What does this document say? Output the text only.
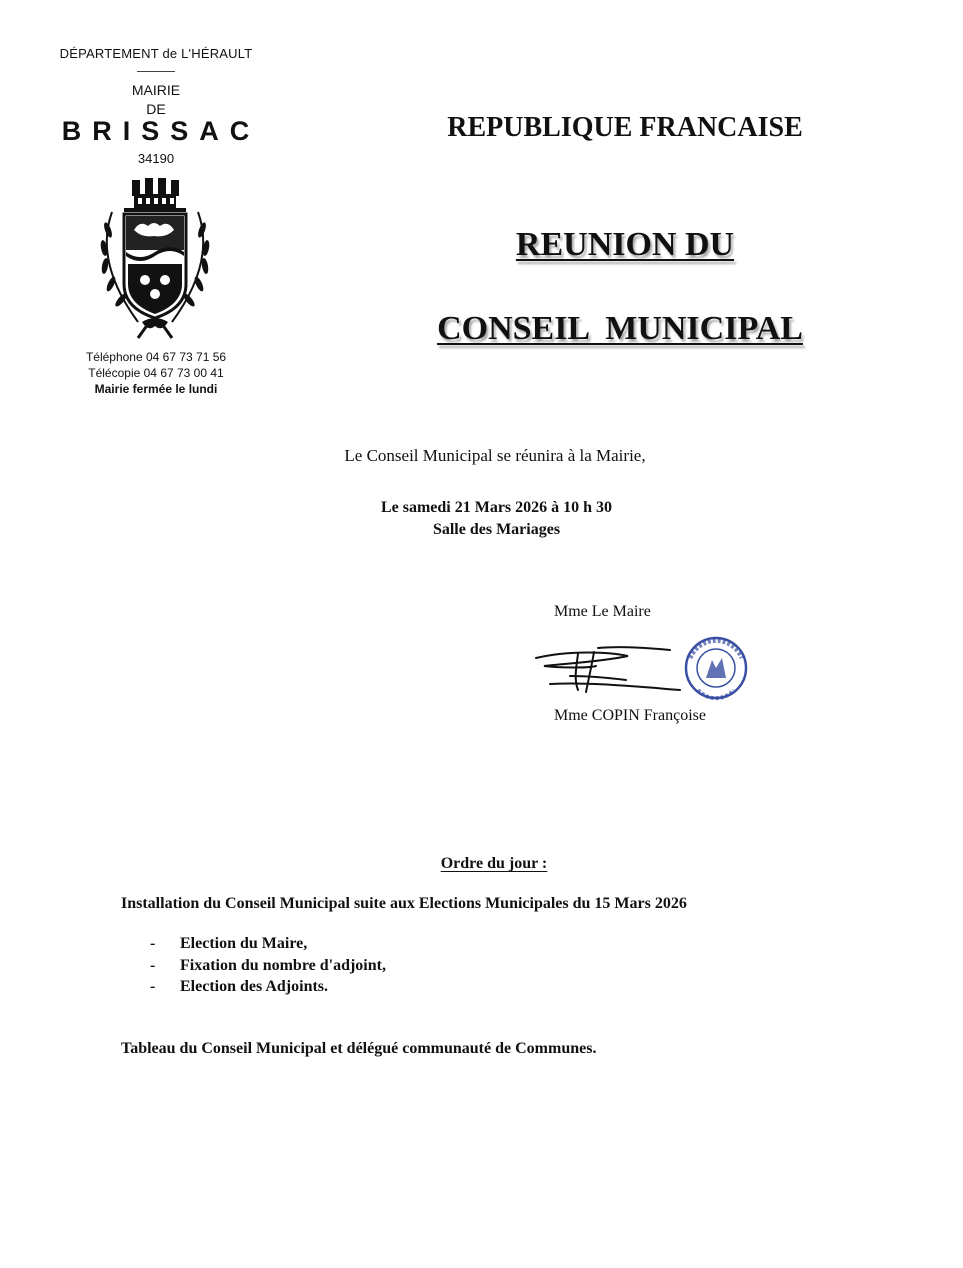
DÉPARTEMENT de L'HÉRAULT
MAIRIE
DE
BRISSAC
34190
Téléphone 04 67 73 71 56
Télécopie 04 67 73 00 41
Mairie fermée le lundi
REPUBLIQUE FRANCAISE
REUNION DU
CONSEIL  MUNICIPAL
Le Conseil Municipal se réunira à la Mairie,
Le samedi 21 Mars 2026 à 10 h 30
Salle des Mariages
Mme Le Maire
Mme COPIN Françoise
Ordre du jour :
Installation du Conseil Municipal suite aux Elections Municipales du 15 Mars 2026
- Election du Maire,
- Fixation du nombre d'adjoint,
- Election des Adjoints.
Tableau du Conseil Municipal et délégué communauté de Communes.
